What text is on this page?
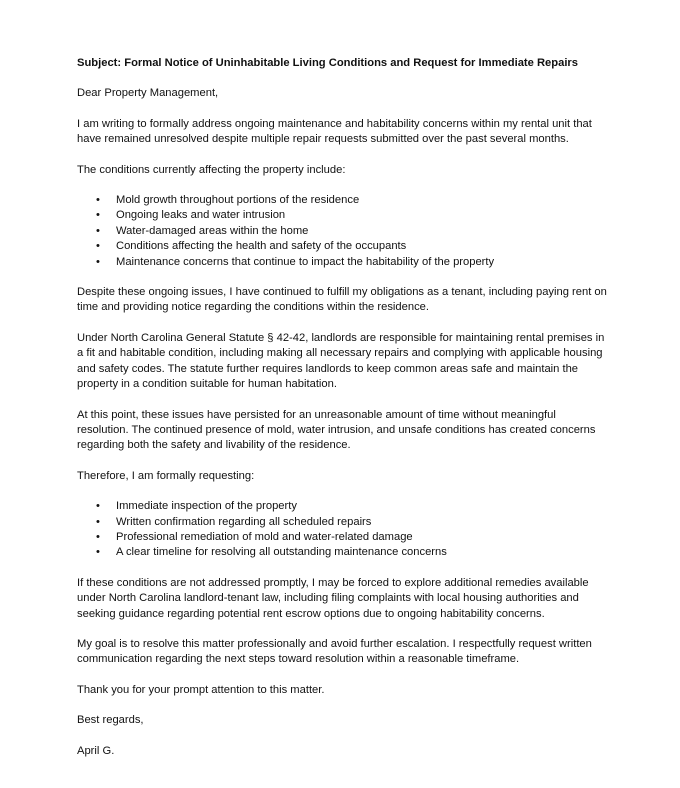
Subject: Formal Notice of Uninhabitable Living Conditions and Request for Immediate Repairs

Dear Property Management,

I am writing to formally address ongoing maintenance and habitability concerns within my rental unit that have remained unresolved despite multiple repair requests submitted over the past several months.

The conditions currently affecting the property include:

• Mold growth throughout portions of the residence
• Ongoing leaks and water intrusion
• Water-damaged areas within the home
• Conditions affecting the health and safety of the occupants
• Maintenance concerns that continue to impact the habitability of the property

Despite these ongoing issues, I have continued to fulfill my obligations as a tenant, including paying rent on time and providing notice regarding the conditions within the residence.

Under North Carolina General Statute § 42-42, landlords are responsible for maintaining rental premises in a fit and habitable condition, including making all necessary repairs and complying with applicable housing and safety codes. The statute further requires landlords to keep common areas safe and maintain the property in a condition suitable for human habitation.

At this point, these issues have persisted for an unreasonable amount of time without meaningful resolution. The continued presence of mold, water intrusion, and unsafe conditions has created concerns regarding both the safety and livability of the residence.

Therefore, I am formally requesting:

• Immediate inspection of the property
• Written confirmation regarding all scheduled repairs
• Professional remediation of mold and water-related damage
• A clear timeline for resolving all outstanding maintenance concerns

If these conditions are not addressed promptly, I may be forced to explore additional remedies available under North Carolina landlord-tenant law, including filing complaints with local housing authorities and seeking guidance regarding potential rent escrow options due to ongoing habitability concerns.

My goal is to resolve this matter professionally and avoid further escalation. I respectfully request written communication regarding the next steps toward resolution within a reasonable timeframe.

Thank you for your prompt attention to this matter.

Best regards,

April G.
